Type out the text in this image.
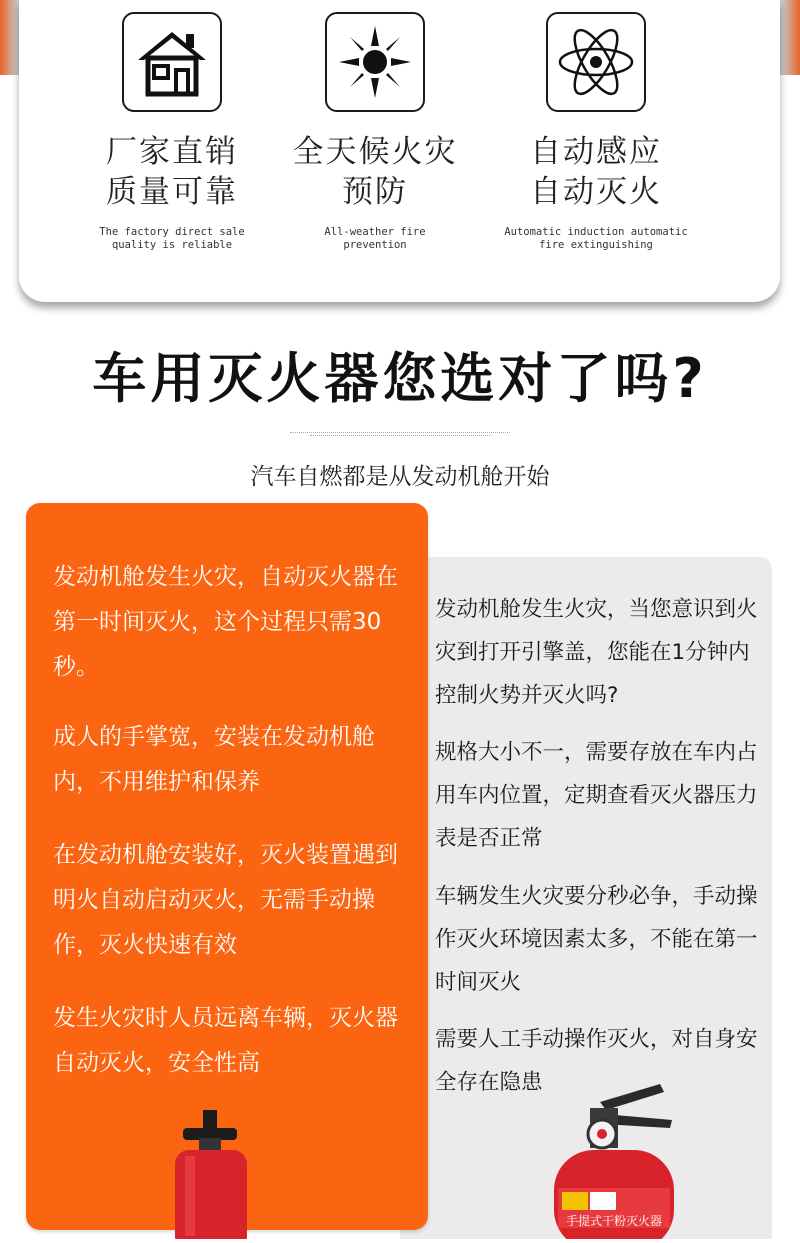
厂家直销
质量可靠
The factory direct sale
quality is reliable
全天候火灾
预防
All-weather fire
prevention
自动感应
自动灭火
Automatic induction automatic
fire extinguishing
车用灭火器您选对了吗?
汽车自燃都是从发动机舱开始

发动机舱发生火灾，自动灭火器在第一时间灭火，这个过程只需30秒。

成人的手掌宽，安装在发动机舱内，不用维护和保养

在发动机舱安装好，灭火装置遇到明火自动启动灭火，无需手动操作，灭火快速有效

发生火灾时人员远离车辆，灭火器自动灭火，安全性高

发动机舱发生火灾，当您意识到火灾到打开引擎盖，您能在1分钟内控制火势并灭火吗?

规格大小不一，需要存放在车内占用车内位置，定期查看灭火器压力表是否正常

车辆发生火灾要分秒必争，手动操作灭火环境因素太多，不能在第一时间灭火

需要人工手动操作灭火，对自身安全存在隐患

手提式干粉灭火器
